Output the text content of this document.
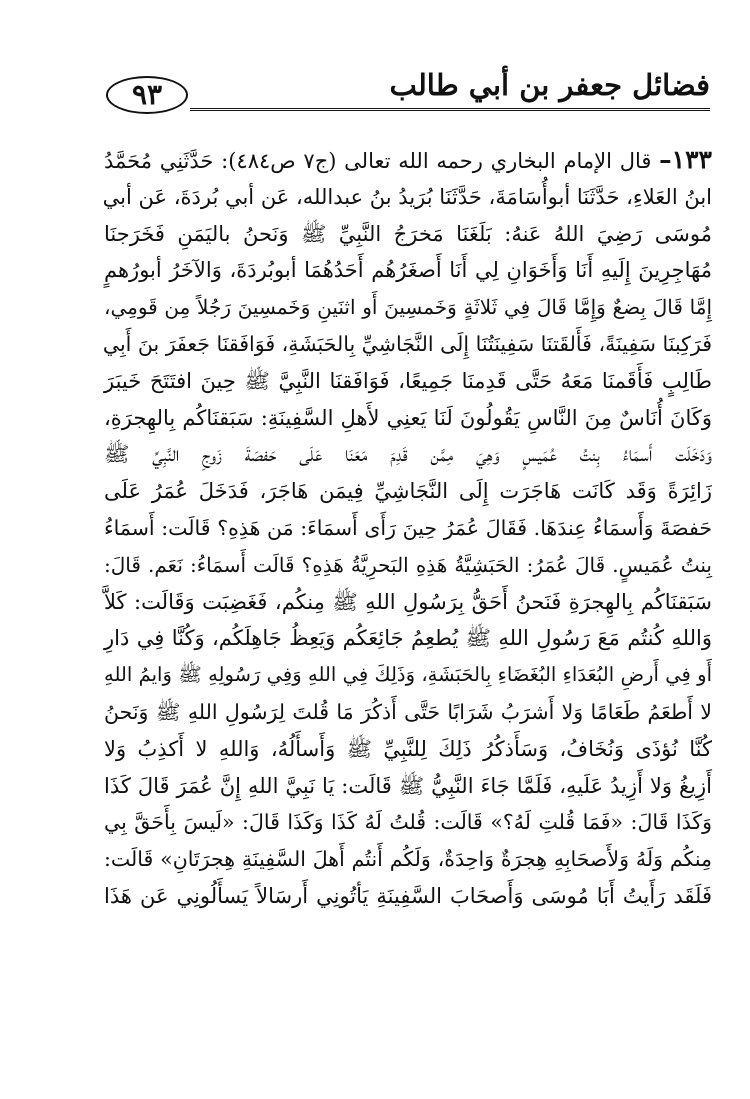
٩٣	فضائل جعفر بن أبي طالب
١٣٣– قال الإمام البخاري رحمه الله تعالى (ج٧ ص٤٨٤): حَدَّثَنِي مُحَمَّدُ
ابنُ العَلاءِ، حَدَّثَنَا أبوأُسَامَةَ، حَدَّثَنَا بُرَيدُ بنُ عبدالله، عَن أبي بُردَةَ، عَن أبي
مُوسَى رَضِيَ اللهُ عَنهُ: بَلَغَنَا مَخرَجُ النَّبِيِّ ﷺ وَنَحنُ باليَمَنِ فَخَرَجنَا
مُهَاجِرِينَ إِلَيهِ أَنَا وَأَخَوَانِ لِي أَنَا أَصغَرُهُم أَحَدُهُمَا أبوبُردَةَ، وَالآخَرُ أبورُهمٍ
إِمَّا قَالَ بِضعٌ وَإِمَّا قَالَ فِي ثَلاثَةٍ وَخَمسِينَ أَو اثنَينِ وَخَمسِينَ رَجُلاً مِن قَومِي،
فَرَكِبنَا سَفِينَةً، فَأَلقَتنَا سَفِينَتُنَا إِلَى النَّجَاشِيِّ بِالحَبَشَةِ، فَوَافَقنَا جَعفَرَ بنَ أَبِي
طَالِبٍ فَأَقَمنَا مَعَهُ حَتَّى قَدِمنَا جَمِيعًا، فَوَافَقنَا النَّبِيَّ ﷺ حِينَ افتَتَحَ خَيبَرَ
وَكَانَ أُنَاسٌ مِنَ النَّاسِ يَقُولُونَ لَنَا يَعنِي لأَهلِ السَّفِينَةِ: سَبَقنَاكُم بِالهِجرَةِ،
وَدَخَلَت أَسمَاءُ بِنتُ عُمَيسٍ وَهِيَ مِمَّن قَدِمَ مَعَنَا عَلَى حَفصَةَ زَوجِ النَّبِيِّ ﷺ
زَائِرَةً وَقَد كَانَت هَاجَرَت إِلَى النَّجَاشِيِّ فِيمَن هَاجَرَ، فَدَخَلَ عُمَرُ عَلَى
حَفصَةَ وَأَسمَاءُ عِندَهَا. فَقَالَ عُمَرُ حِينَ رَأَى أَسمَاءَ: مَن هَذِهِ؟ قَالَت: أَسمَاءُ
بِنتُ عُمَيسٍ. قَالَ عُمَرُ: الحَبَشِيَّةُ هَذِهِ البَحرِيَّةُ هَذِهِ؟ قَالَت أَسمَاءُ: نَعَم. قَالَ:
سَبَقنَاكُم بِالهِجرَةِ فَنَحنُ أَحَقُّ بِرَسُولِ اللهِ ﷺ مِنكُم، فَغَضِبَت وَقَالَت: كَلاَّ
وَاللهِ كُنتُم مَعَ رَسُولِ اللهِ ﷺ يُطعِمُ جَائِعَكُم وَيَعِظُ جَاهِلَكُم، وَكُنَّا فِي دَارِ
أَو فِي أَرضِ البُعَدَاءِ البُغَضَاءِ بِالحَبَشَةِ، وَذَلِكَ فِي اللهِ وَفِي رَسُولِهِ ﷺ وَايمُ اللهِ
لا أَطعَمُ طَعَامًا وَلا أَشرَبُ شَرَابًا حَتَّى أَذكُرَ مَا قُلتَ لِرَسُولِ اللهِ ﷺ وَنَحنُ
كُنَّا نُؤذَى وَنُخَافُ، وَسَأَذكُرُ ذَلِكَ لِلنَّبِيِّ ﷺ وَأَسأَلُهُ، وَاللهِ لا أَكذِبُ وَلا
أَزِيغُ وَلا أَزِيدُ عَلَيهِ، فَلَمَّا جَاءَ النَّبِيُّ ﷺ قَالَت: يَا نَبِيَّ اللهِ إِنَّ عُمَرَ قَالَ كَذَا
وَكَذَا قَالَ: «فَمَا قُلتِ لَهُ؟» قَالَت: قُلتُ لَهُ كَذَا وَكَذَا قَالَ: «لَيسَ بِأَحَقَّ بِي
مِنكُم وَلَهُ وَلأَصحَابِهِ هِجرَةٌ وَاحِدَةٌ، وَلَكُم أَنتُم أَهلَ السَّفِينَةِ هِجرَتَانِ» قَالَت:
فَلَقَد رَأَيتُ أَبَا مُوسَى وَأَصحَابَ السَّفِينَةِ يَأتُونِي أَرسَالاً يَسأَلُونِي عَن هَذَا
